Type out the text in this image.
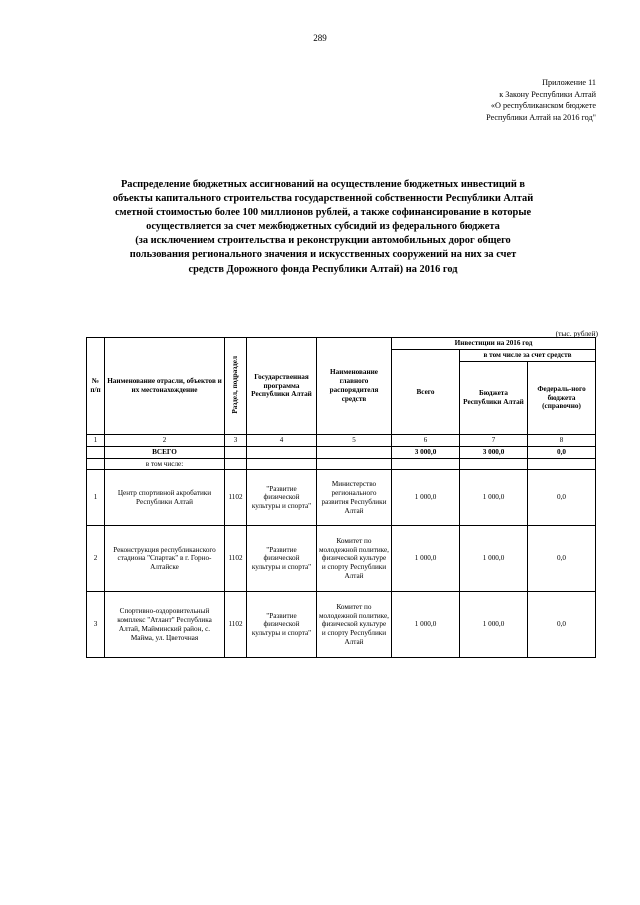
289
Приложение 11
к Закону Республики Алтай
«О республиканском бюджете
Республики Алтай на 2016 год"
Распределение бюджетных ассигнований на осуществление бюджетных инвестиций в
объекты капитального строительства государственной собственности Республики Алтай
сметной стоимостью более 100 миллионов рублей, а также софинансирование в которые
осуществляется за счет межбюджетных субсидий из федерального бюджета
(за исключением строительства и реконструкции автомобильных дорог общего
пользования регионального значения и искусственных сооружений на них за счет
средств Дорожного фонда Республики Алтай) на 2016 год
(тыс. рублей)
№ п/п	Наименование отрасли, объектов и их местонахождение	Раздел, подраздел	Государственная программа Республики Алтай	Наименование главного распорядителя средств	Инвестиции на 2016 год		
					Всего	в том числе за счет средств	
						Бюджета Республики Алтай	Федераль-ного бюджета (справочно)
1	2	3	4	5	6	7	8
	ВСЕГО				3 000,0	3 000,0	0,0
	в том числе:						
1	Центр спортивной акробатики Республики Алтай	1102	"Развитие физической культуры и спорта"	Министерство регионального развития Республики Алтай	1 000,0	1 000,0	0,0
2	Реконструкция республиканского стадиона "Спартак" в г. Горно-Алтайске	1102	"Развитие физической культуры и спорта"	Комитет по молодежной политике, физической культуре и спорту Республики Алтай	1 000,0	1 000,0	0,0
3	Спортивно-оздоровительный комплекс "Атлант" Республика Алтай, Майминский район, с. Майма, ул. Цветочная	1102	"Развитие физической культуры и спорта"	Комитет по молодежной политике, физической культуре и спорту Республики Алтай	1 000,0	1 000,0	0,0
